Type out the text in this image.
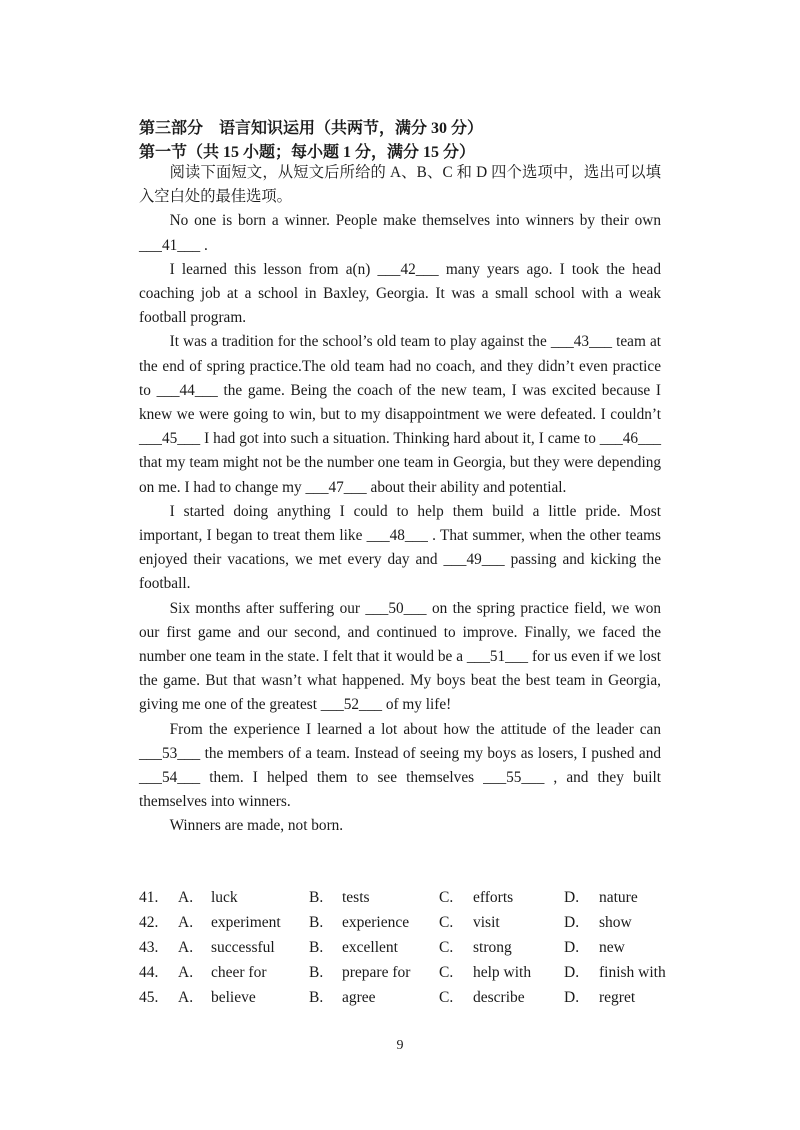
第三部分　语言知识运用（共两节，满分 30 分）
第一节（共 15 小题；每小题 1 分，满分 15 分）

阅读下面短文，从短文后所给的 A、B、C 和 D 四个选项中，选出可以填入空白处的最佳选项。

No one is born a winner. People make themselves into winners by their own ___41___ .

I learned this lesson from a(n) ___42___ many years ago. I took the head coaching job at a school in Baxley, Georgia. It was a small school with a weak football program.

It was a tradition for the school’s old team to play against the ___43___ team at the end of spring practice.The old team had no coach, and they didn’t even practice to ___44___ the game. Being the coach of the new team, I was excited because I knew we were going to win, but to my disappointment we were defeated. I couldn’t ___45___ I had got into such a situation. Thinking hard about it, I came to ___46___ that my team might not be the number one team in Georgia, but they were depending on me. I had to change my ___47___ about their ability and potential.

I started doing anything I could to help them build a little pride. Most important, I began to treat them like ___48___ . That summer, when the other teams enjoyed their vacations, we met every day and ___49___ passing and kicking the football.

Six months after suffering our ___50___ on the spring practice field, we won our first game and our second, and continued to improve. Finally, we faced the number one team in the state. I felt that it would be a ___51___ for us even if we lost the game. But that wasn’t what happened. My boys beat the best team in Georgia, giving me one of the greatest ___52___ of my life!

From the experience I learned a lot about how the attitude of the leader can ___53___ the members of a team. Instead of seeing my boys as losers, I pushed and ___54___ them. I helped them to see themselves ___55___ , and they built themselves into winners.

Winners are made, not born.

41. A. luck	B. tests	C. efforts	D. nature
42. A. experiment B. experience C. visit	D. show
43. A. successful B. excellent	C. strong	D. new
44. A. cheer for	B. prepare for C. help with D. finish with
45. A. believe	B. agree	C. describe	D. regret
9
